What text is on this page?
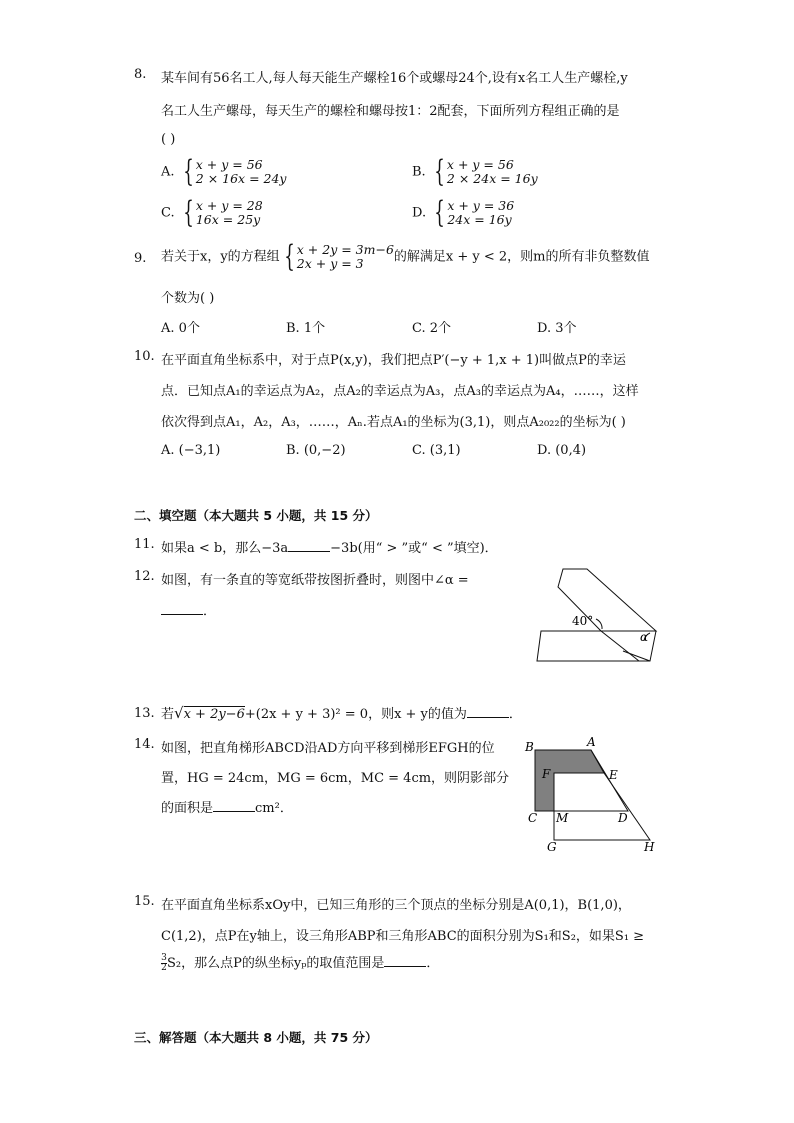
8. 某车间有56名工人,每人每天能生产螺栓16个或螺母24个,设有x名工人生产螺栓,y
名工人生产螺母，每天生产的螺栓和螺母按1：2配套，下面所列方程组正确的是
( )
A. { x + y = 56
2 × 16x = 24y	B. { x + y = 56
2 × 24x = 16y
C. { x + y = 28
16x = 25y	D. { x + y = 36
24x = 16y
9. 若关于x，y的方程组 { x + 2y = 3m−6
2x + y = 3	的解满足x + y < 2，则m的所有非负整数值
个数为( )
A. 0个	B. 1个	C. 2个	D. 3个
10. 在平面直角坐标系中，对于点P(x,y)，我们把点P′(−y + 1,x + 1)叫做点P的幸运
点．已知点A₁的幸运点为A₂，点A₂的幸运点为A₃，点A₃的幸运点为A₄，……，这样
依次得到点A₁，A₂，A₃，……，Aₙ.若点A₁的坐标为(3,1)，则点A₂₀₂₂的坐标为( )
A. (−3,1)	B. (0,−2)	C. (3,1)	D. (0,4)
二、填空题（本大题共 5 小题，共 15 分）
11. 如果a < b，那么−3a	−3b(用“ > ”或“ < ”填空)．
12. 如图，有一条直的等宽纸带按图折叠时，则图中∠α =
．
40°
α
13. 若√x + 2y−6+(2x + y + 3)² = 0，则x + y的值为	．
14. 如图，把直角梯形ABCD沿AD方向平移到梯形EFGH的位
置，HG = 24cm，MG = 6cm，MC = 4cm，则阴影部分
的面积是	cm²．
B	A
F	E
C M	D
G	H
15. 在平面直角坐标系xOy中，已知三角形的三个顶点的坐标分别是A(0,1)，B(1,0)，
C(1,2)，点P在y轴上，设三角形ABP和三角形ABC的面积分别为S₁和S₂，如果S₁ ≥
$\frac{3}{2} S_2$，那么点P的纵坐标yₚ的取值范围是	．
三、解答题（本大题共 8 小题，共 75 分）
